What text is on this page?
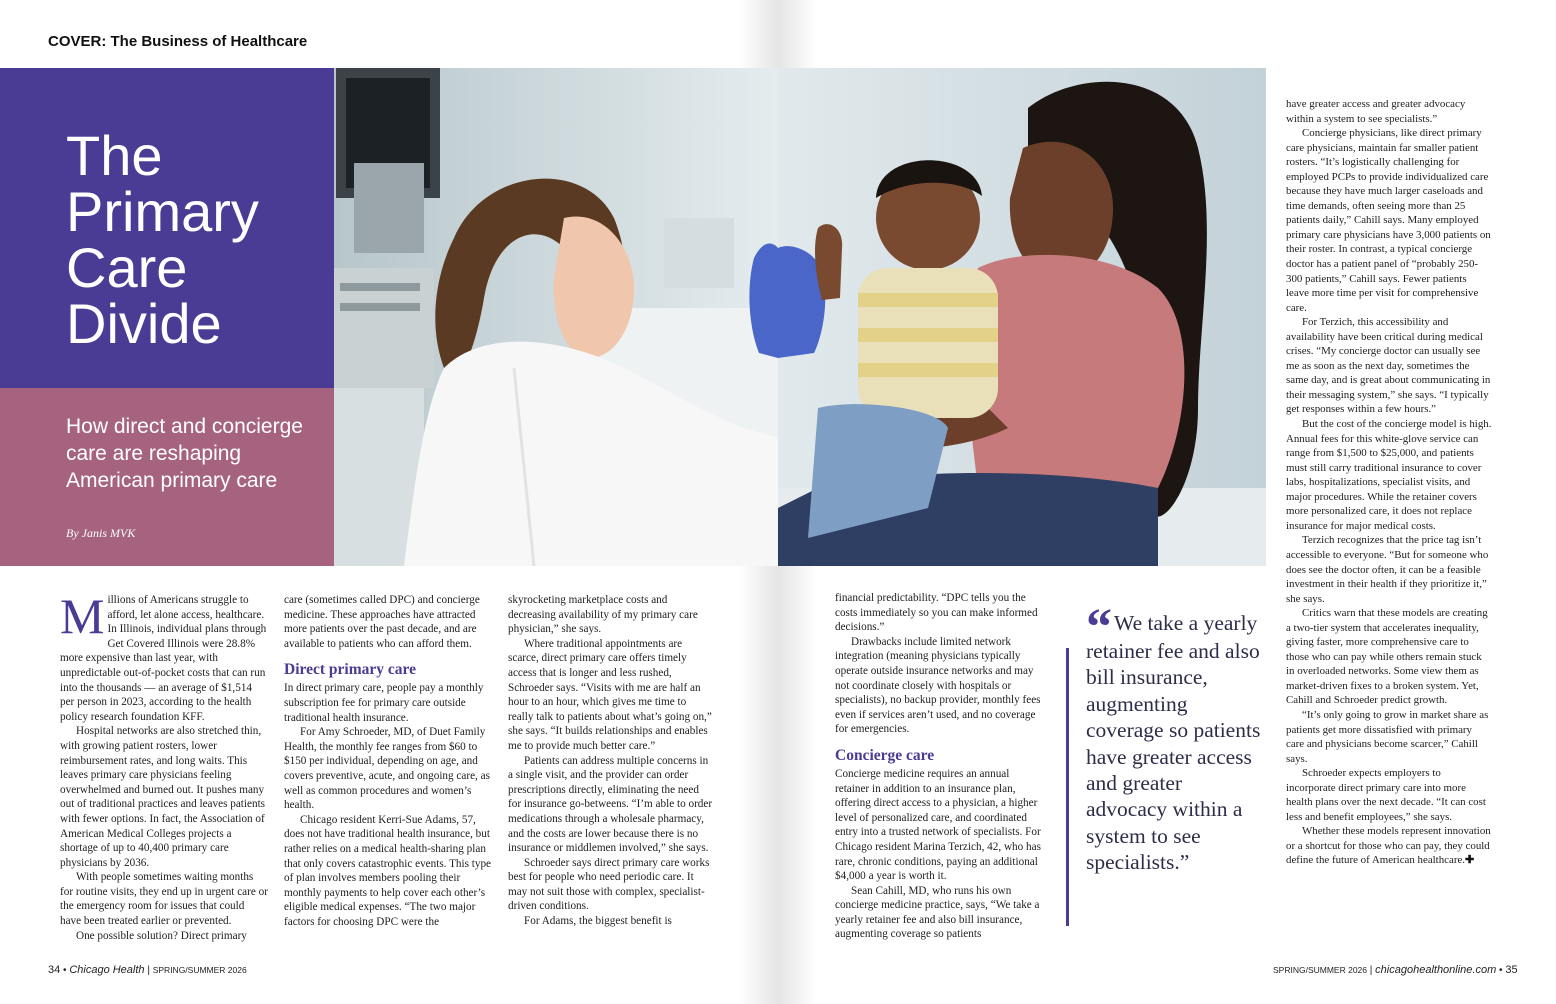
COVER: The Business of Healthcare
The
Primary
Care
Divide
How direct and concierge care are reshaping American primary care
By Janis MVK

Millions of Americans struggle to afford, let alone access, healthcare. In Illinois, individual plans through Get Covered Illinois were 28.8% more expensive than last year, with unpredictable out-of-pocket costs that can run into the thousands — an average of $1,514 per person in 2023, according to the health policy research foundation KFF.

Hospital networks are also stretched thin, with growing patient rosters, lower reimbursement rates, and long waits. This leaves primary care physicians feeling overwhelmed and burned out. It pushes many out of traditional practices and leaves patients with fewer options. In fact, the Association of American Medical Colleges projects a shortage of up to 40,400 primary care physicians by 2036.

With people sometimes waiting months for routine visits, they end up in urgent care or the emergency room for issues that could have been treated earlier or prevented.

One possible solution? Direct primary

care (sometimes called DPC) and concierge medicine. These approaches have attracted more patients over the past decade, and are available to patients who can afford them.

Direct primary care

In direct primary care, people pay a monthly subscription fee for primary care outside traditional health insurance.

For Amy Schroeder, MD, of Duet Family Health, the monthly fee ranges from $60 to $150 per individual, depending on age, and covers preventive, acute, and ongoing care, as well as common procedures and women’s health.

Chicago resident Kerri-Sue Adams, 57, does not have traditional health insurance, but rather relies on a medical health-sharing plan that only covers catastrophic events. This type of plan involves members pooling their monthly payments to help cover each other’s eligible medical expenses. “The two major factors for choosing DPC were the

skyrocketing marketplace costs and decreasing availability of my primary care physician,” she says.

Where traditional appointments are scarce, direct primary care offers timely access that is longer and less rushed, Schroeder says. “Visits with me are half an hour to an hour, which gives me time to really talk to patients about what’s going on,” she says. “It builds relationships and enables me to provide much better care.”

Patients can address multiple concerns in a single visit, and the provider can order prescriptions directly, eliminating the need for insurance go-betweens. “I’m able to order medications through a wholesale pharmacy, and the costs are lower because there is no insurance or middlemen involved,” she says.

Schroeder says direct primary care works best for people who need periodic care. It may not suit those with complex, specialist-driven conditions.

For Adams, the biggest benefit is

financial predictability. “DPC tells you the costs immediately so you can make informed decisions.”

Drawbacks include limited network integration (meaning physicians typically operate outside insurance networks and may not coordinate closely with hospitals or specialists), no backup provider, monthly fees even if services aren’t used, and no coverage for emergencies.

Concierge care

Concierge medicine requires an annual retainer in addition to an insurance plan, offering direct access to a physician, a higher level of personalized care, and coordinated entry into a trusted network of specialists. For Chicago resident Marina Terzich, 42, who has rare, chronic conditions, paying an additional $4,000 a year is worth it.

Sean Cahill, MD, who runs his own concierge medicine practice, says, “We take a yearly retainer fee and also bill insurance, augmenting coverage so patients

“We take a yearly retainer fee and also bill insurance, augmenting coverage so patients have greater access and greater advocacy within a system to see specialists.”

have greater access and greater advocacy within a system to see specialists.”

Concierge physicians, like direct primary care physicians, maintain far smaller patient rosters. “It’s logistically challenging for employed PCPs to provide individualized care because they have much larger caseloads and time demands, often seeing more than 25 patients daily,” Cahill says. Many employed primary care physicians have 3,000 patients on their roster. In contrast, a typical concierge doctor has a patient panel of “probably 250-300 patients,” Cahill says. Fewer patients leave more time per visit for comprehensive care.

For Terzich, this accessibility and availability have been critical during medical crises. “My concierge doctor can usually see me as soon as the next day, sometimes the same day, and is great about communicating in their messaging system,” she says. “I typically get responses within a few hours.”

But the cost of the concierge model is high. Annual fees for this white-glove service can range from $1,500 to $25,000, and patients must still carry traditional insurance to cover labs, hospitalizations, specialist visits, and major procedures. While the retainer covers more personalized care, it does not replace insurance for major medical costs.

Terzich recognizes that the price tag isn’t accessible to everyone. “But for someone who does see the doctor often, it can be a feasible investment in their health if they prioritize it,” she says.

Critics warn that these models are creating a two-tier system that accelerates inequality, giving faster, more comprehensive care to those who can pay while others remain stuck in overloaded networks. Some view them as market-driven fixes to a broken system. Yet, Cahill and Schroeder predict growth.

“It’s only going to grow in market share as patients get more dissatisfied with primary care and physicians become scarcer,” Cahill says.

Schroeder expects employers to incorporate direct primary care into more health plans over the next decade. “It can cost less and benefit employees,” she says.

Whether these models represent innovation or a shortcut for those who can pay, they could define the future of American healthcare.✚

34 • Chicago Health | SPRING/SUMMER 2026	SPRING/SUMMER 2026 | chicagohealthonline.com • 35
